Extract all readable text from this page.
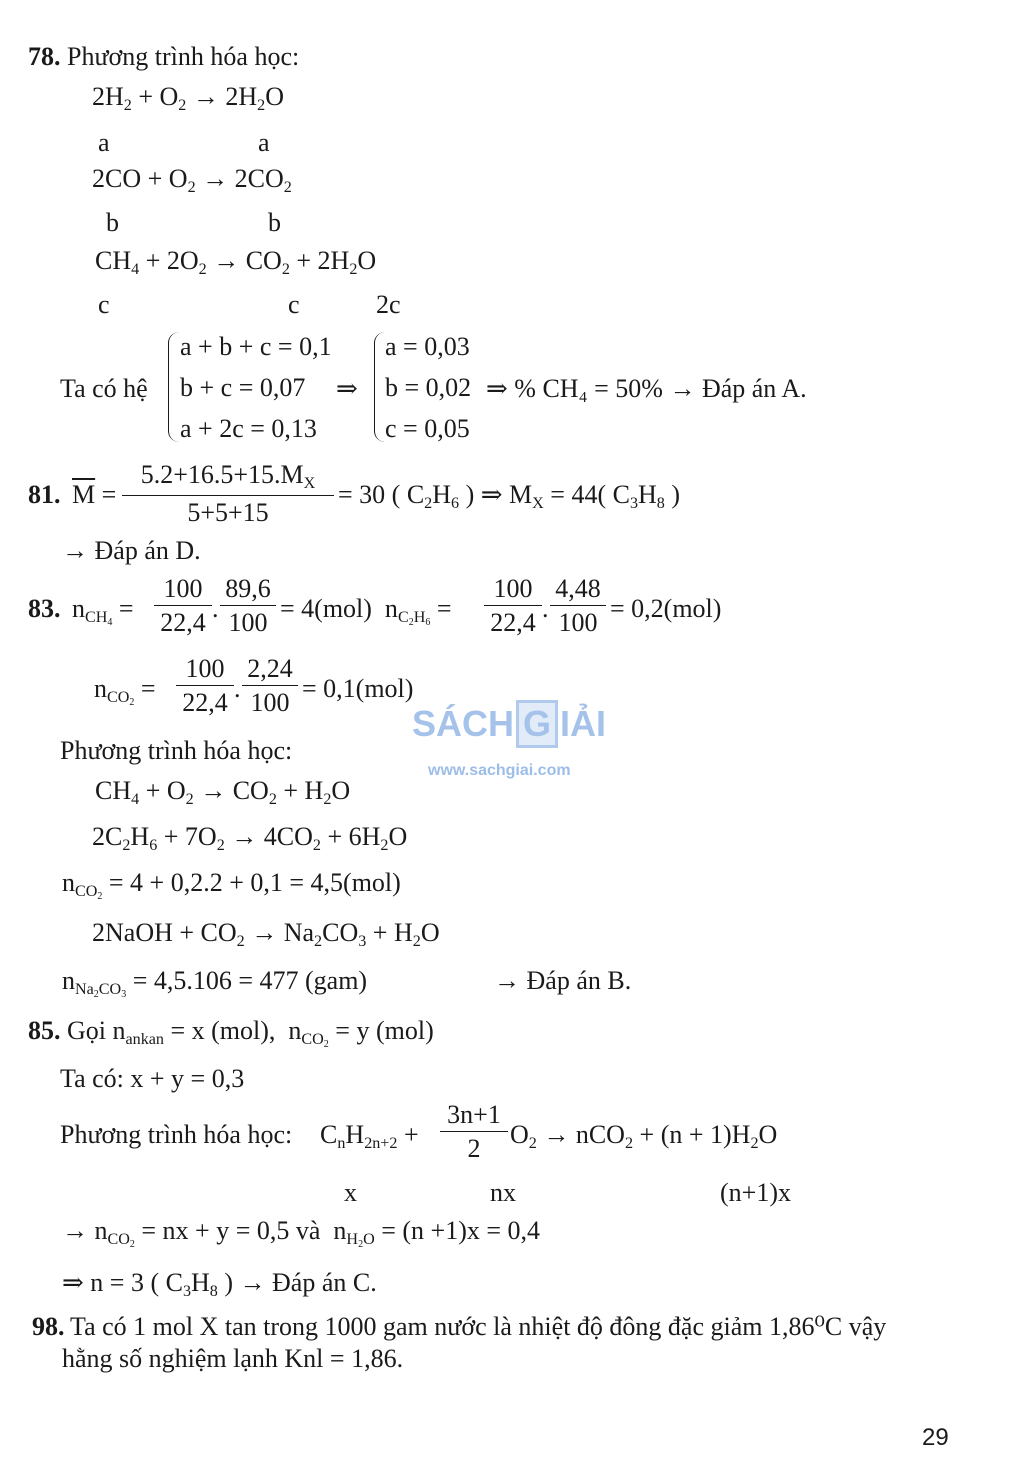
SÁCH G IẢI
www.sachgiai.com
78. Phương trình hóa học:
$2H_2 + O_2 \to 2H_2O$
a	a
$2CO + O_2 \to 2CO_2$
b	b
$CH_4 + 2O_2 \to CO_2 + 2H_2O$
c	c	2c
Ta có hệ
a + b + c = 0,1
b + c = 0,07
a + 2c = 0,13
⇒
a = 0,03
b = 0,02
c = 0,05
⇒ % CH₄ = 50% → Đáp án A.
81. $\overline{M}$ =
$5.2+16.5+15.M_X$
5+5+15
= 30 ( $C_2H_6$ ) ⇒ $M_X = 44$( $C_3H_8$ )
→ Đáp án D.
83. $n_{CH_4}$ =
100
22,4 .
89,6
100 = 4(mol)  $n_{C_2H_6}$ =
100
22,4 .
4,48
100 = 0,2(mol)
$n_{CO_2}$ =
100
22,4 .
2,24
100 = 0,1(mol)
Phương trình hóa học:
$CH_4 + O_2 \to CO_2 + H_2O$
$2C_2H_6 + 7O_2 \to 4CO_2 + 6H_2O$
$n_{CO_2} = 4 + 0,2.2 + 0,1 = 4,5(mol)$
2NaOH + $CO_2 \to Na_2CO_3 + H_2O$
$n_{Na_2CO_3} = 4,5.106 = 477$ (gam)	→ Đáp án B.
85. Gọi $n_{ankan} = x$ (mol),  $n_{CO_2} = y$ (mol)
Ta có: x + y = 0,3
Phương trình hóa học: $C_nH_{2n+2}$ +
3n+1
2	$O_2 \to nCO_2 + (n + 1)H_2O$
x	nx	(n+1)x
→ $n_{CO_2}$ = nx + y = 0,5 và  $n_{H_2O} = (n +1)x = 0,4$
⇒ n = 3 ( $C_3H_8$ ) → Đáp án C.
98. Ta có 1 mol X tan trong 1000 gam nước là nhiệt độ đông đặc giảm 1,86⁰C vậy
hằng số nghiệm lạnh Knl = 1,86.
29
